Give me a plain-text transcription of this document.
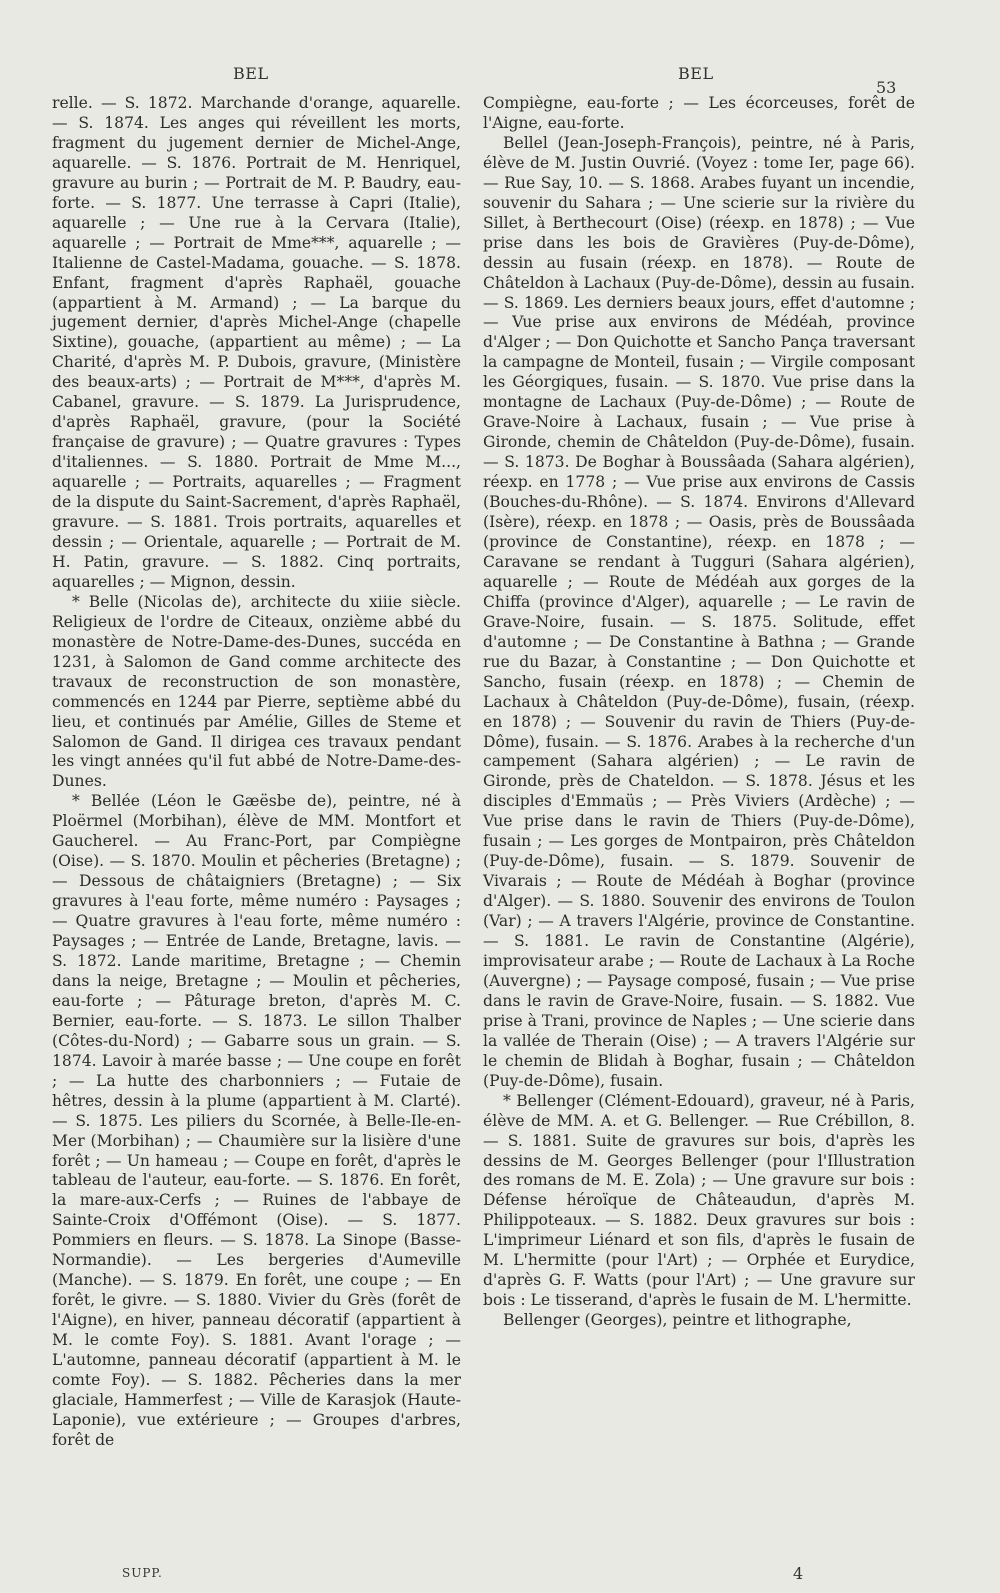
BEL	BEL
53

relle. — S. 1872. Marchande d'orange, aquarelle. — S. 1874. Les anges qui réveillent les morts, fragment du jugement dernier de Michel-Ange, aquarelle. — S. 1876. Portrait de M. Henriquel, gravure au burin ; — Portrait de M. P. Baudry, eau-forte. — S. 1877. Une terrasse à Capri (Italie), aquarelle ; — Une rue à la Cervara (Italie), aquarelle ; — Portrait de Mme***, aquarelle ; — Italienne de Castel-Madama, gouache. — S. 1878. Enfant, fragment d'après Raphaël, gouache (appartient à M. Armand) ; — La barque du jugement dernier, d'après Michel-Ange (chapelle Sixtine), gouache, (appartient au même) ; — La Charité, d'après M. P. Dubois, gravure, (Ministère des beaux-arts) ; — Portrait de M***, d'après M. Cabanel, gravure. — S. 1879. La Jurisprudence, d'après Raphaël, gravure, (pour la Société française de gravure) ; — Quatre gravures : Types d'italiennes. — S. 1880. Portrait de Mme M..., aquarelle ; — Portraits, aquarelles ; — Fragment de la dispute du Saint-Sacrement, d'après Raphaël, gravure. — S. 1881. Trois portraits, aquarelles et dessin ; — Orientale, aquarelle ; — Portrait de M. H. Patin, gravure. — S. 1882. Cinq portraits, aquarelles ; — Mignon, dessin.

* Belle (Nicolas de), architecte du xiiie siècle. Religieux de l'ordre de Citeaux, onzième abbé du monastère de Notre-Dame-des-Dunes, succéda en 1231, à Salomon de Gand comme architecte des travaux de reconstruction de son monastère, commencés en 1244 par Pierre, septième abbé du lieu, et continués par Amélie, Gilles de Steme et Salomon de Gand. Il dirigea ces travaux pendant les vingt années qu'il fut abbé de Notre-Dame-des-Dunes.

* Bellée (Léon le Gæësbe de), peintre, né à Ploërmel (Morbihan), élève de MM. Montfort et Gaucherel. — Au Franc-Port, par Compiègne (Oise). — S. 1870. Moulin et pêcheries (Bretagne) ; — Dessous de châtaigniers (Bretagne) ; — Six gravures à l'eau forte, même numéro : Paysages ; — Quatre gravures à l'eau forte, même numéro : Paysages ; — Entrée de Lande, Bretagne, lavis. — S. 1872. Lande maritime, Bretagne ; — Chemin dans la neige, Bretagne ; — Moulin et pêcheries, eau-forte ; — Pâturage breton, d'après M. C. Bernier, eau-forte. — S. 1873. Le sillon Thalber (Côtes-du-Nord) ; — Gabarre sous un grain. — S. 1874. Lavoir à marée basse ; — Une coupe en forêt ; — La hutte des charbonniers ; — Futaie de hêtres, dessin à la plume (appartient à M. Clarté). — S. 1875. Les piliers du Scornée, à Belle-Ile-en-Mer (Morbihan) ; — Chaumière sur la lisière d'une forêt ; — Un hameau ; — Coupe en forêt, d'après le tableau de l'auteur, eau-forte. — S. 1876. En forêt, la mare-aux-Cerfs ; — Ruines de l'abbaye de Sainte-Croix d'Offémont (Oise). — S. 1877. Pommiers en fleurs. — S. 1878. La Sinope (Basse-Normandie). — Les bergeries d'Aumeville (Manche). — S. 1879. En forêt, une coupe ; — En forêt, le givre. — S. 1880. Vivier du Grès (forêt de l'Aigne), en hiver, panneau décoratif (appartient à M. le comte Foy). S. 1881. Avant l'orage ; — L'automne, panneau décoratif (appartient à M. le comte Foy). — S. 1882. Pêcheries dans la mer glaciale, Hammerfest ; — Ville de Karasjok (Haute-Laponie), vue extérieure ; — Groupes d'arbres, forêt de

Compiègne, eau-forte ; — Les écorceuses, forêt de l'Aigne, eau-forte.

Bellel (Jean-Joseph-François), peintre, né à Paris, élève de M. Justin Ouvrié. (Voyez : tome Ier, page 66). — Rue Say, 10. — S. 1868. Arabes fuyant un incendie, souvenir du Sahara ; — Une scierie sur la rivière du Sillet, à Berthecourt (Oise) (réexp. en 1878) ; — Vue prise dans les bois de Gravières (Puy-de-Dôme), dessin au fusain (réexp. en 1878). — Route de Châteldon à Lachaux (Puy-de-Dôme), dessin au fusain. — S. 1869. Les derniers beaux jours, effet d'automne ; — Vue prise aux environs de Médéah, province d'Alger ; — Don Quichotte et Sancho Pança traversant la campagne de Monteil, fusain ; — Virgile composant les Géorgiques, fusain. — S. 1870. Vue prise dans la montagne de Lachaux (Puy-de-Dôme) ; — Route de Grave-Noire à Lachaux, fusain ; — Vue prise à Gironde, chemin de Châteldon (Puy-de-Dôme), fusain. — S. 1873. De Boghar à Boussâada (Sahara algérien), réexp. en 1778 ; — Vue prise aux environs de Cassis (Bouches-du-Rhône). — S. 1874. Environs d'Allevard (Isère), réexp. en 1878 ; — Oasis, près de Boussâada (province de Constantine), réexp. en 1878 ; — Caravane se rendant à Tugguri (Sahara algérien), aquarelle ; — Route de Médéah aux gorges de la Chiffa (province d'Alger), aquarelle ; — Le ravin de Grave-Noire, fusain. — S. 1875. Solitude, effet d'automne ; — De Constantine à Bathna ; — Grande rue du Bazar, à Constantine ; — Don Quichotte et Sancho, fusain (réexp. en 1878) ; — Chemin de Lachaux à Châteldon (Puy-de-Dôme), fusain, (réexp. en 1878) ; — Souvenir du ravin de Thiers (Puy-de-Dôme), fusain. — S. 1876. Arabes à la recherche d'un campement (Sahara algérien) ; — Le ravin de Gironde, près de Chateldon. — S. 1878. Jésus et les disciples d'Emmaüs ; — Près Viviers (Ardèche) ; — Vue prise dans le ravin de Thiers (Puy-de-Dôme), fusain ; — Les gorges de Montpairon, près Châteldon (Puy-de-Dôme), fusain. — S. 1879. Souvenir de Vivarais ; — Route de Médéah à Boghar (province d'Alger). — S. 1880. Souvenir des environs de Toulon (Var) ; — A travers l'Algérie, province de Constantine. — S. 1881. Le ravin de Constantine (Algérie), improvisateur arabe ; — Route de Lachaux à La Roche (Auvergne) ; — Paysage composé, fusain ; — Vue prise dans le ravin de Grave-Noire, fusain. — S. 1882. Vue prise à Trani, province de Naples ; — Une scierie dans la vallée de Therain (Oise) ; — A travers l'Algérie sur le chemin de Blidah à Boghar, fusain ; — Châteldon (Puy-de-Dôme), fusain.

* Bellenger (Clément-Edouard), graveur, né à Paris, élève de MM. A. et G. Bellenger. — Rue Crébillon, 8. — S. 1881. Suite de gravures sur bois, d'après les dessins de M. Georges Bellenger (pour l'Illustration des romans de M. E. Zola) ; — Une gravure sur bois : Défense héroïque de Châteaudun, d'après M. Philippoteaux. — S. 1882. Deux gravures sur bois : L'imprimeur Liénard et son fils, d'après le fusain de M. L'hermitte (pour l'Art) ; — Orphée et Eurydice, d'après G. F. Watts (pour l'Art) ; — Une gravure sur bois : Le tisserand, d'après le fusain de M. L'hermitte.

Bellenger (Georges), peintre et lithographe,

SUPP.	4
